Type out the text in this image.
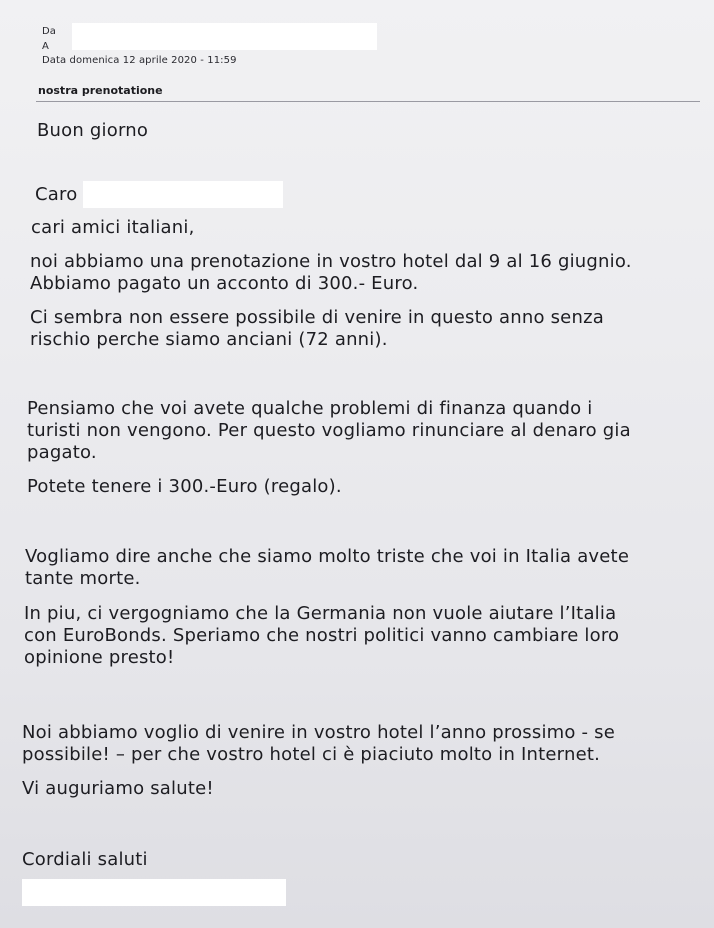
Da
A
Data domenica 12 aprile 2020 - 11:59
nostra prenotatione
Buon giorno
Caro
cari amici italiani,
noi abbiamo una prenotazione in vostro hotel dal 9 al 16 giugnio.
Abbiamo pagato un acconto di 300.- Euro.
Ci sembra non essere possibile di venire in questo anno senza
rischio perche siamo anciani (72 anni).
Pensiamo che voi avete qualche problemi di finanza quando i
turisti non vengono. Per questo vogliamo rinunciare al denaro gia
pagato.
Potete tenere i 300.-Euro (regalo).
Vogliamo dire anche che siamo molto triste che voi in Italia avete
tante morte.
In piu, ci vergogniamo che la Germania non vuole aiutare l’Italia
con EuroBonds. Speriamo che nostri politici vanno cambiare loro
opinione presto!
Noi abbiamo voglio di venire in vostro hotel l’anno prossimo - se
possibile! – per che vostro hotel ci è piaciuto molto in Internet.
Vi auguriamo salute!
Cordiali saluti
